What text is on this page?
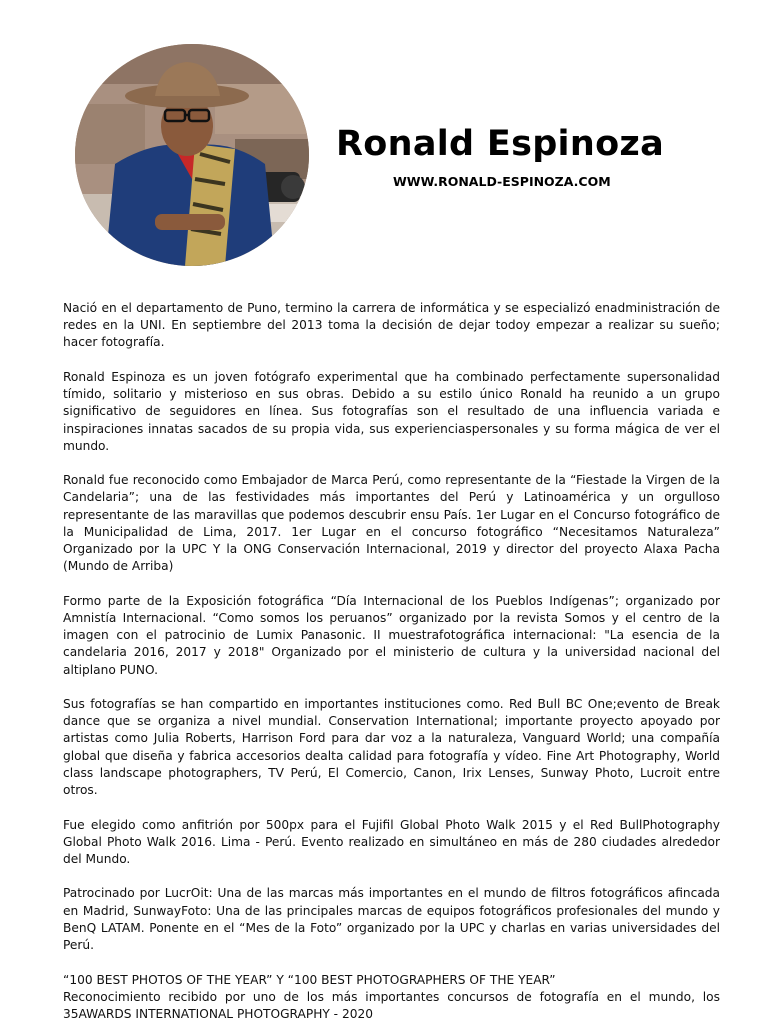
Ronald Espinoza
WWW.RONALD-ESPINOZA.COM

Nació en el departamento de Puno, termino la carrera de informática y se especializó enadministración de redes en la UNI. En septiembre del 2013 toma la decisión de dejar todoy empezar a realizar su sueño; hacer fotografía.

Ronald Espinoza es un joven fotógrafo experimental que ha combinado perfectamente supersonalidad tímido, solitario y misterioso en sus obras. Debido a su estilo único Ronald ha reunido a un grupo significativo de seguidores en línea. Sus fotografías son el resultado de una influencia variada e inspiraciones innatas sacados de su propia vida, sus experienciaspersonales y su forma mágica de ver el mundo.

Ronald fue reconocido como Embajador de Marca Perú, como representante de la “Fiestade la Virgen de la Candelaria”; una de las festividades más importantes del Perú y Latinoamérica y un orgulloso representante de las maravillas que podemos descubrir ensu País. 1er Lugar en el Concurso fotográfico de la Municipalidad de Lima, 2017. 1er Lugar en el concurso fotográfico “Necesitamos Naturaleza” Organizado por la UPC Y la ONG Conservación Internacional, 2019 y director del proyecto Alaxa Pacha (Mundo de Arriba)

Formo parte de la Exposición fotográfica “Día Internacional de los Pueblos Indígenas”; organizado por Amnistía Internacional. “Como somos los peruanos” organizado por la revista Somos y el centro de la imagen con el patrocinio de Lumix Panasonic. II muestrafotográfica internacional: "La esencia de la candelaria 2016, 2017 y 2018" Organizado por el ministerio de cultura y la universidad nacional del altiplano PUNO.

Sus fotografías se han compartido en importantes instituciones como. Red Bull BC One;evento de Break dance que se organiza a nivel mundial. Conservation International; importante proyecto apoyado por artistas como Julia Roberts, Harrison Ford para dar voz a la naturaleza, Vanguard World; una compañía global que diseña y fabrica accesorios dealta calidad para fotografía y vídeo. Fine Art Photography, World class landscape photographers, TV Perú, El Comercio, Canon, Irix Lenses, Sunway Photo, Lucroit entre otros.

Fue elegido como anfitrión por 500px para el Fujifil Global Photo Walk 2015 y el Red BullPhotography Global Photo Walk 2016. Lima - Perú. Evento realizado en simultáneo en más de 280 ciudades alrededor del Mundo.

Patrocinado por LucrOit: Una de las marcas más importantes en el mundo de filtros fotográficos afincada en Madrid, SunwayFoto: Una de las principales marcas de equipos fotográficos profesionales del mundo y BenQ LATAM. Ponente en el “Mes de la Foto” organizado por la UPC y charlas en varias universidades del Perú.

“100 BEST PHOTOS OF THE YEAR” Y “100 BEST PHOTOGRAPHERS OF THE YEAR”

Reconocimiento recibido por uno de los más importantes concursos de fotografía en el mundo, los 35AWARDS INTERNATIONAL PHOTOGRAPHY - 2020
